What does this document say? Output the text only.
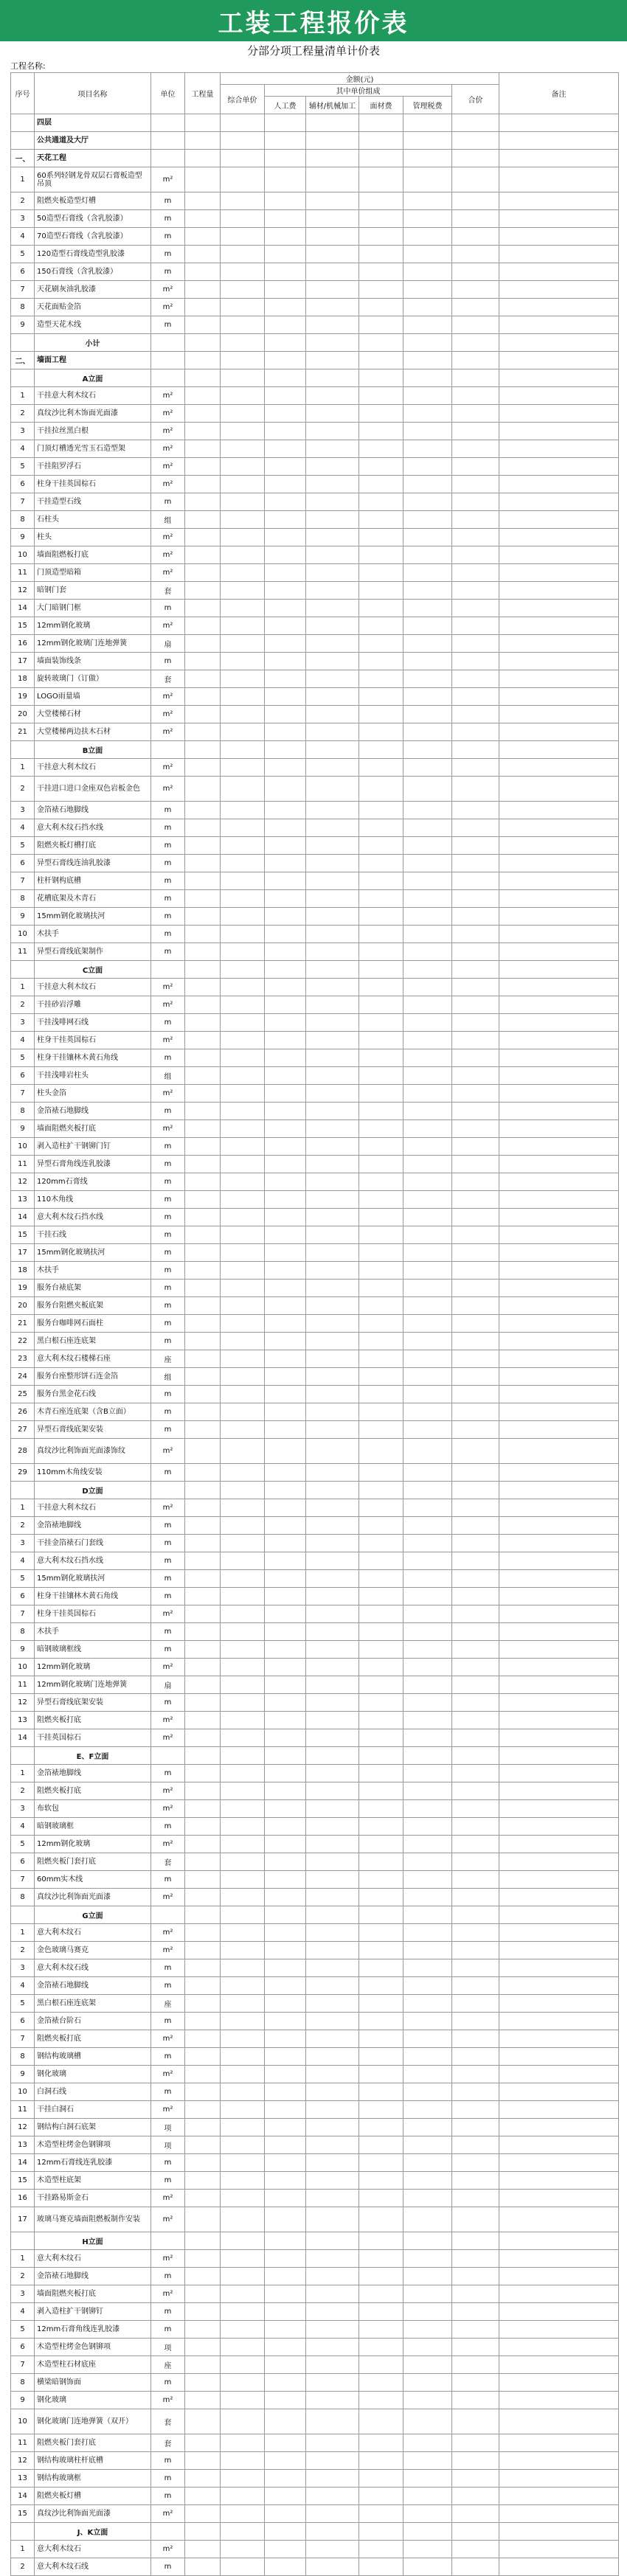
工装工程报价表
分部分项工程量清单计价表
工程名称:
序号	项目名称	单位	工程量	金额(元)						备注
				综合单价	其中单价组成				合价	
					人工费	辅材/机械加工	面材费	管理税费		
	四层									
	公共通道及大厅									
一、	天花工程									
1	60系列轻钢龙骨双层石膏板造型吊顶	m²								
2	阻燃夹板造型灯槽	m								
3	50造型石膏线（含乳胶漆）	m								
4	70造型石膏线（含乳胶漆）	m								
5	120造型石膏线造型乳胶漆	m								
6	150石膏线（含乳胶漆）	m								
7	天花刷灰油乳胶漆	m²								
8	天花面贴金箔	m²								
9	造型天花木线	m								
	小计									
二、	墙面工程									
	A立面									
1	干挂意大利木纹石	m²								
2	真纹沙比利木饰面光面漆	m²								
3	干挂拉丝黑白根	m²								
4	门顶灯槽透光雪玉石造型架	m²								
5	干挂阻罗浮石	m²								
6	柱身干挂英国棕石	m²								
7	干挂造型石线	m								
8	石柱头	组								
9	柱头	m²								
10	墙面阻燃板打底	m²								
11	门顶造型暗箱	m²								
12	暗钢门套	套								
14	大门暗钢门框	m								
15	12mm钢化玻璃	m²								
16	12mm钢化玻璃门连地弹簧	扇								
17	墙面装饰线条	m								
18	旋转玻璃门（订做）	套								
19	LOGO雨量墙	m²								
20	大堂楼梯石材	m²								
21	大堂楼梯两边扶木石材	m²								
	B立面									
1	干挂意大利木纹石	m²								
2	干挂进口进口金座双色岩板金色	m²								
3	金箔裱石地脚线	m								
4	意大利木纹石挡水线	m								
5	阻燃夹板灯槽打底	m								
6	异型石膏线连油乳胶漆	m								
7	柱杆钢构底槽	m								
8	花槽底架及木青石	m								
9	15mm钢化玻璃扶河	m								
10	木扶手	m								
11	异型石膏线底架制作	m								
	C立面									
1	干挂意大利木纹石	m²								
2	干挂砂岩浮雕	m²								
3	干挂浅啡网石线	m								
4	柱身干挂英国棕石	m²								
5	柱身干挂镶林木黄石角线	m								
6	干挂浅啡岩柱头	组								
7	柱头金箔	m²								
8	金箔裱石地脚线	m								
9	墙面阻燃夹板打底	m²								
10	剥入造柱扩干钢铆门钉	m								
11	异型石膏角线连乳胶漆	m								
12	120mm石膏线	m								
13	110木角线	m								
14	意大利木纹石挡水线	m								
15	干挂石线	m								
17	15mm钢化玻璃扶河	m								
18	木扶手	m								
19	服务台裱底架	m								
20	服务台阻燃夹板底架	m								
21	服务台咖啡网石面柱	m								
22	黑白根石座连底架	m								
23	意大利木纹石楼梯石座	座								
24	服务台座整形饼石连金箔	组								
25	服务台黑金花石线	m								
26	木青石座连底架（含B立面）	m								
27	异型石膏线底架安装	m								
28	真纹沙比利饰面光面漆饰纹	m²								
29	110mm木角线安装	m								
	D立面									
1	干挂意大利木纹石	m²								
2	金箔裱地脚线	m								
3	干挂金箔裱石门套线	m								
4	意大利木纹石挡水线	m								
5	15mm钢化玻璃扶河	m								
6	柱身干挂镶林木黄石角线	m								
7	柱身干挂英国棕石	m²								
8	木扶手	m								
9	暗钢玻璃框线	m								
10	12mm钢化玻璃	m²								
11	12mm钢化玻璃门连地弹簧	扇								
12	异型石膏线底架安装	m								
13	阻燃夹板打底	m²								
14	干挂英国棕石	m²								
	E、F立面									
1	金箔裱地脚线	m								
2	阻燃夹板打底	m²								
3	布软包	m²								
4	暗钢玻璃框	m								
5	12mm钢化玻璃	m²								
6	阻燃夹板门套打底	套								
7	60mm实木线	m								
8	真纹沙比利饰面光面漆	m²								
	G立面									
1	意大利木纹石	m²								
2	金色玻璃马赛克	m²								
3	意大利木纹石线	m								
4	金箔裱石地脚线	m								
5	黑白根石座连底架	座								
6	金箔裱台阶石	m								
7	阻燃夹板打底	m²								
8	钢结构玻璃槽	m								
9	钢化玻璃	m²								
10	白洞石线	m								
11	干挂白洞石	m²								
12	钢结构白洞石底架	项								
13	木造型柱烤金色钢铆项	项								
14	12mm石膏线连乳胶漆	m								
15	木造型柱底架	m								
16	干挂路易斯金石	m²								
17	玻璃马赛克墙面阻燃板制作安装	m²								
	H立面									
1	意大利木纹石	m²								
2	金箔裱石地脚线	m								
3	墙面阻燃夹板打底	m²								
4	剥入造柱扩干钢铆钉	m								
5	12mm石膏角线连乳胶漆	m								
6	木造型柱烤金色钢铆项	项								
7	木造型柱石材底座	座								
8	横梁暗钢饰面	m								
9	钢化玻璃	m²								
10	钢化玻璃门连地弹簧（双开）	套								
11	阻燃夹板门套打底	套								
12	钢结构玻璃柱杆底槽	m								
13	钢结构玻璃框	m								
14	阻燃夹板灯槽	m								
15	真纹沙比利饰面光面漆	m²								
	J、K立面									
1	意大利木纹石	m²								
2	意大利木纹石线	m								
